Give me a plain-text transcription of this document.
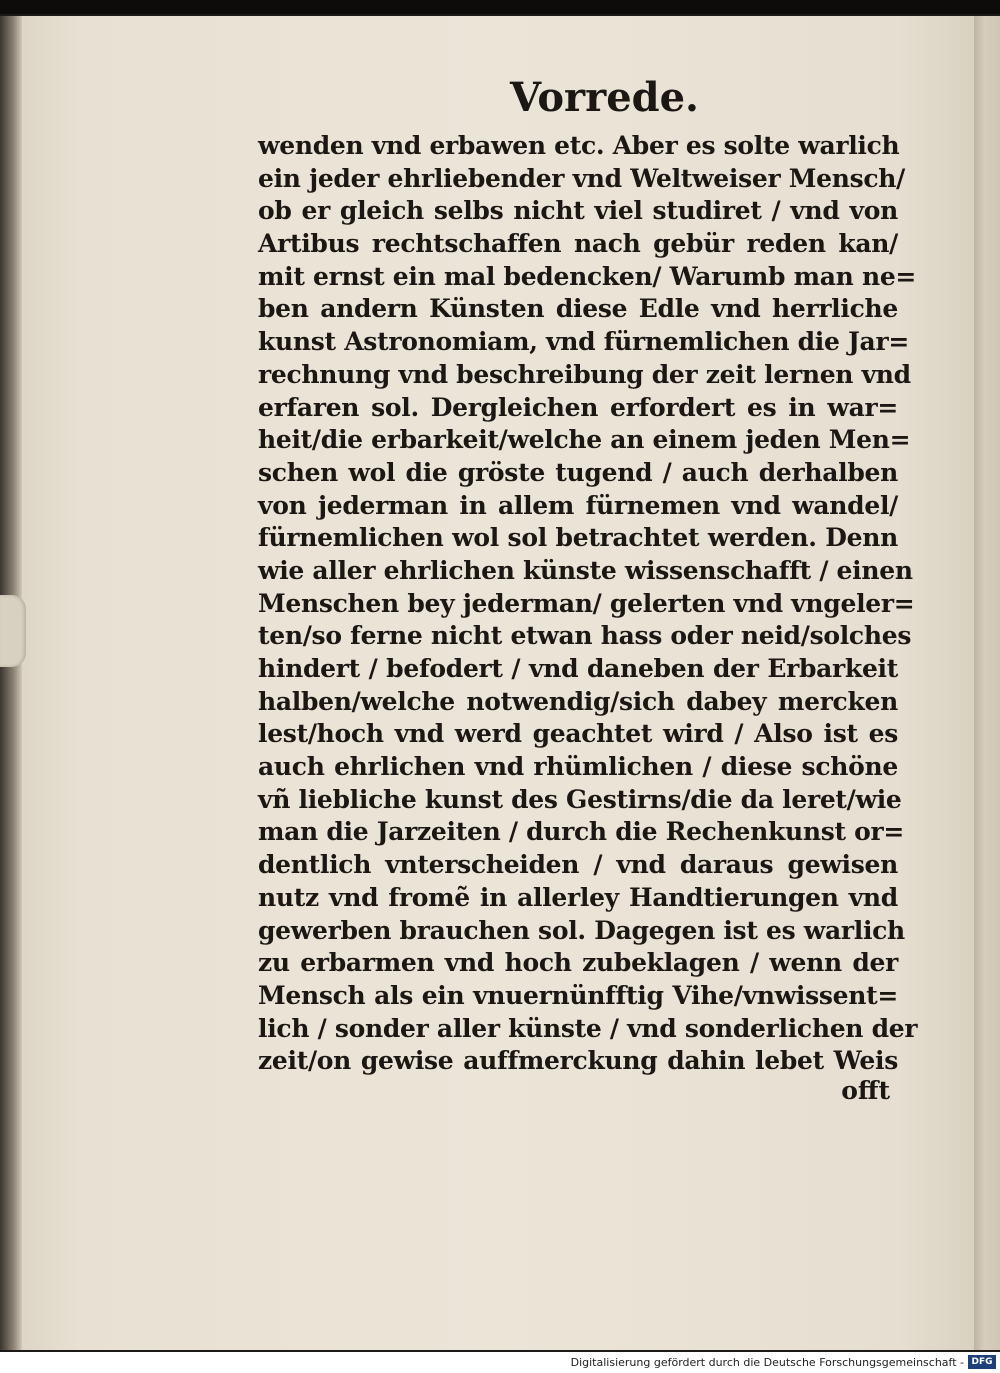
Vorrede.
wenden vnd erbawen etc. Aber es solte warlich
ein jeder ehrliebender vnd Weltweiser Mensch/
ob er gleich selbs nicht viel studiret / vnd von
Artibus rechtschaffen nach gebür reden kan/
mit ernst ein mal bedencken/ Warumb man ne=
ben andern Künsten diese Edle vnd herrliche
kunst Astronomiam, vnd fürnemlichen die Jar=
rechnung vnd beschreibung der zeit lernen vnd
erfaren sol. Dergleichen erfordert es in war=
heit/die erbarkeit/welche an einem jeden Men=
schen wol die gröste tugend / auch derhalben
von jederman in allem fürnemen vnd wandel/
fürnemlichen wol sol betrachtet werden. Denn
wie aller ehrlichen künste wissenschafft / einen
Menschen bey jederman/ gelerten vnd vngeler=
ten/so ferne nicht etwan hass oder neid/solches
hindert / befodert / vnd daneben der Erbarkeit
halben/welche notwendig/sich dabey mercken
lest/hoch vnd werd geachtet wird / Also ist es
auch ehrlichen vnd rhümlichen / diese schöne
vñ liebliche kunst des Gestirns/die da leret/wie
man die Jarzeiten / durch die Rechenkunst or=
dentlich vnterscheiden / vnd daraus gewisen
nutz vnd fromẽ in allerley Handtierungen vnd
gewerben brauchen sol. Dagegen ist es warlich
zu erbarmen vnd hoch zubeklagen / wenn der
Mensch als ein vnuernünfftig Vihe/vnwissent=
lich / sonder aller künste / vnd sonderlichen der
zeit/on gewise auffmerckung dahin lebet Weis
offt
Digitalisierung gefördert durch die Deutsche Forschungsgemeinschaft - DFG
